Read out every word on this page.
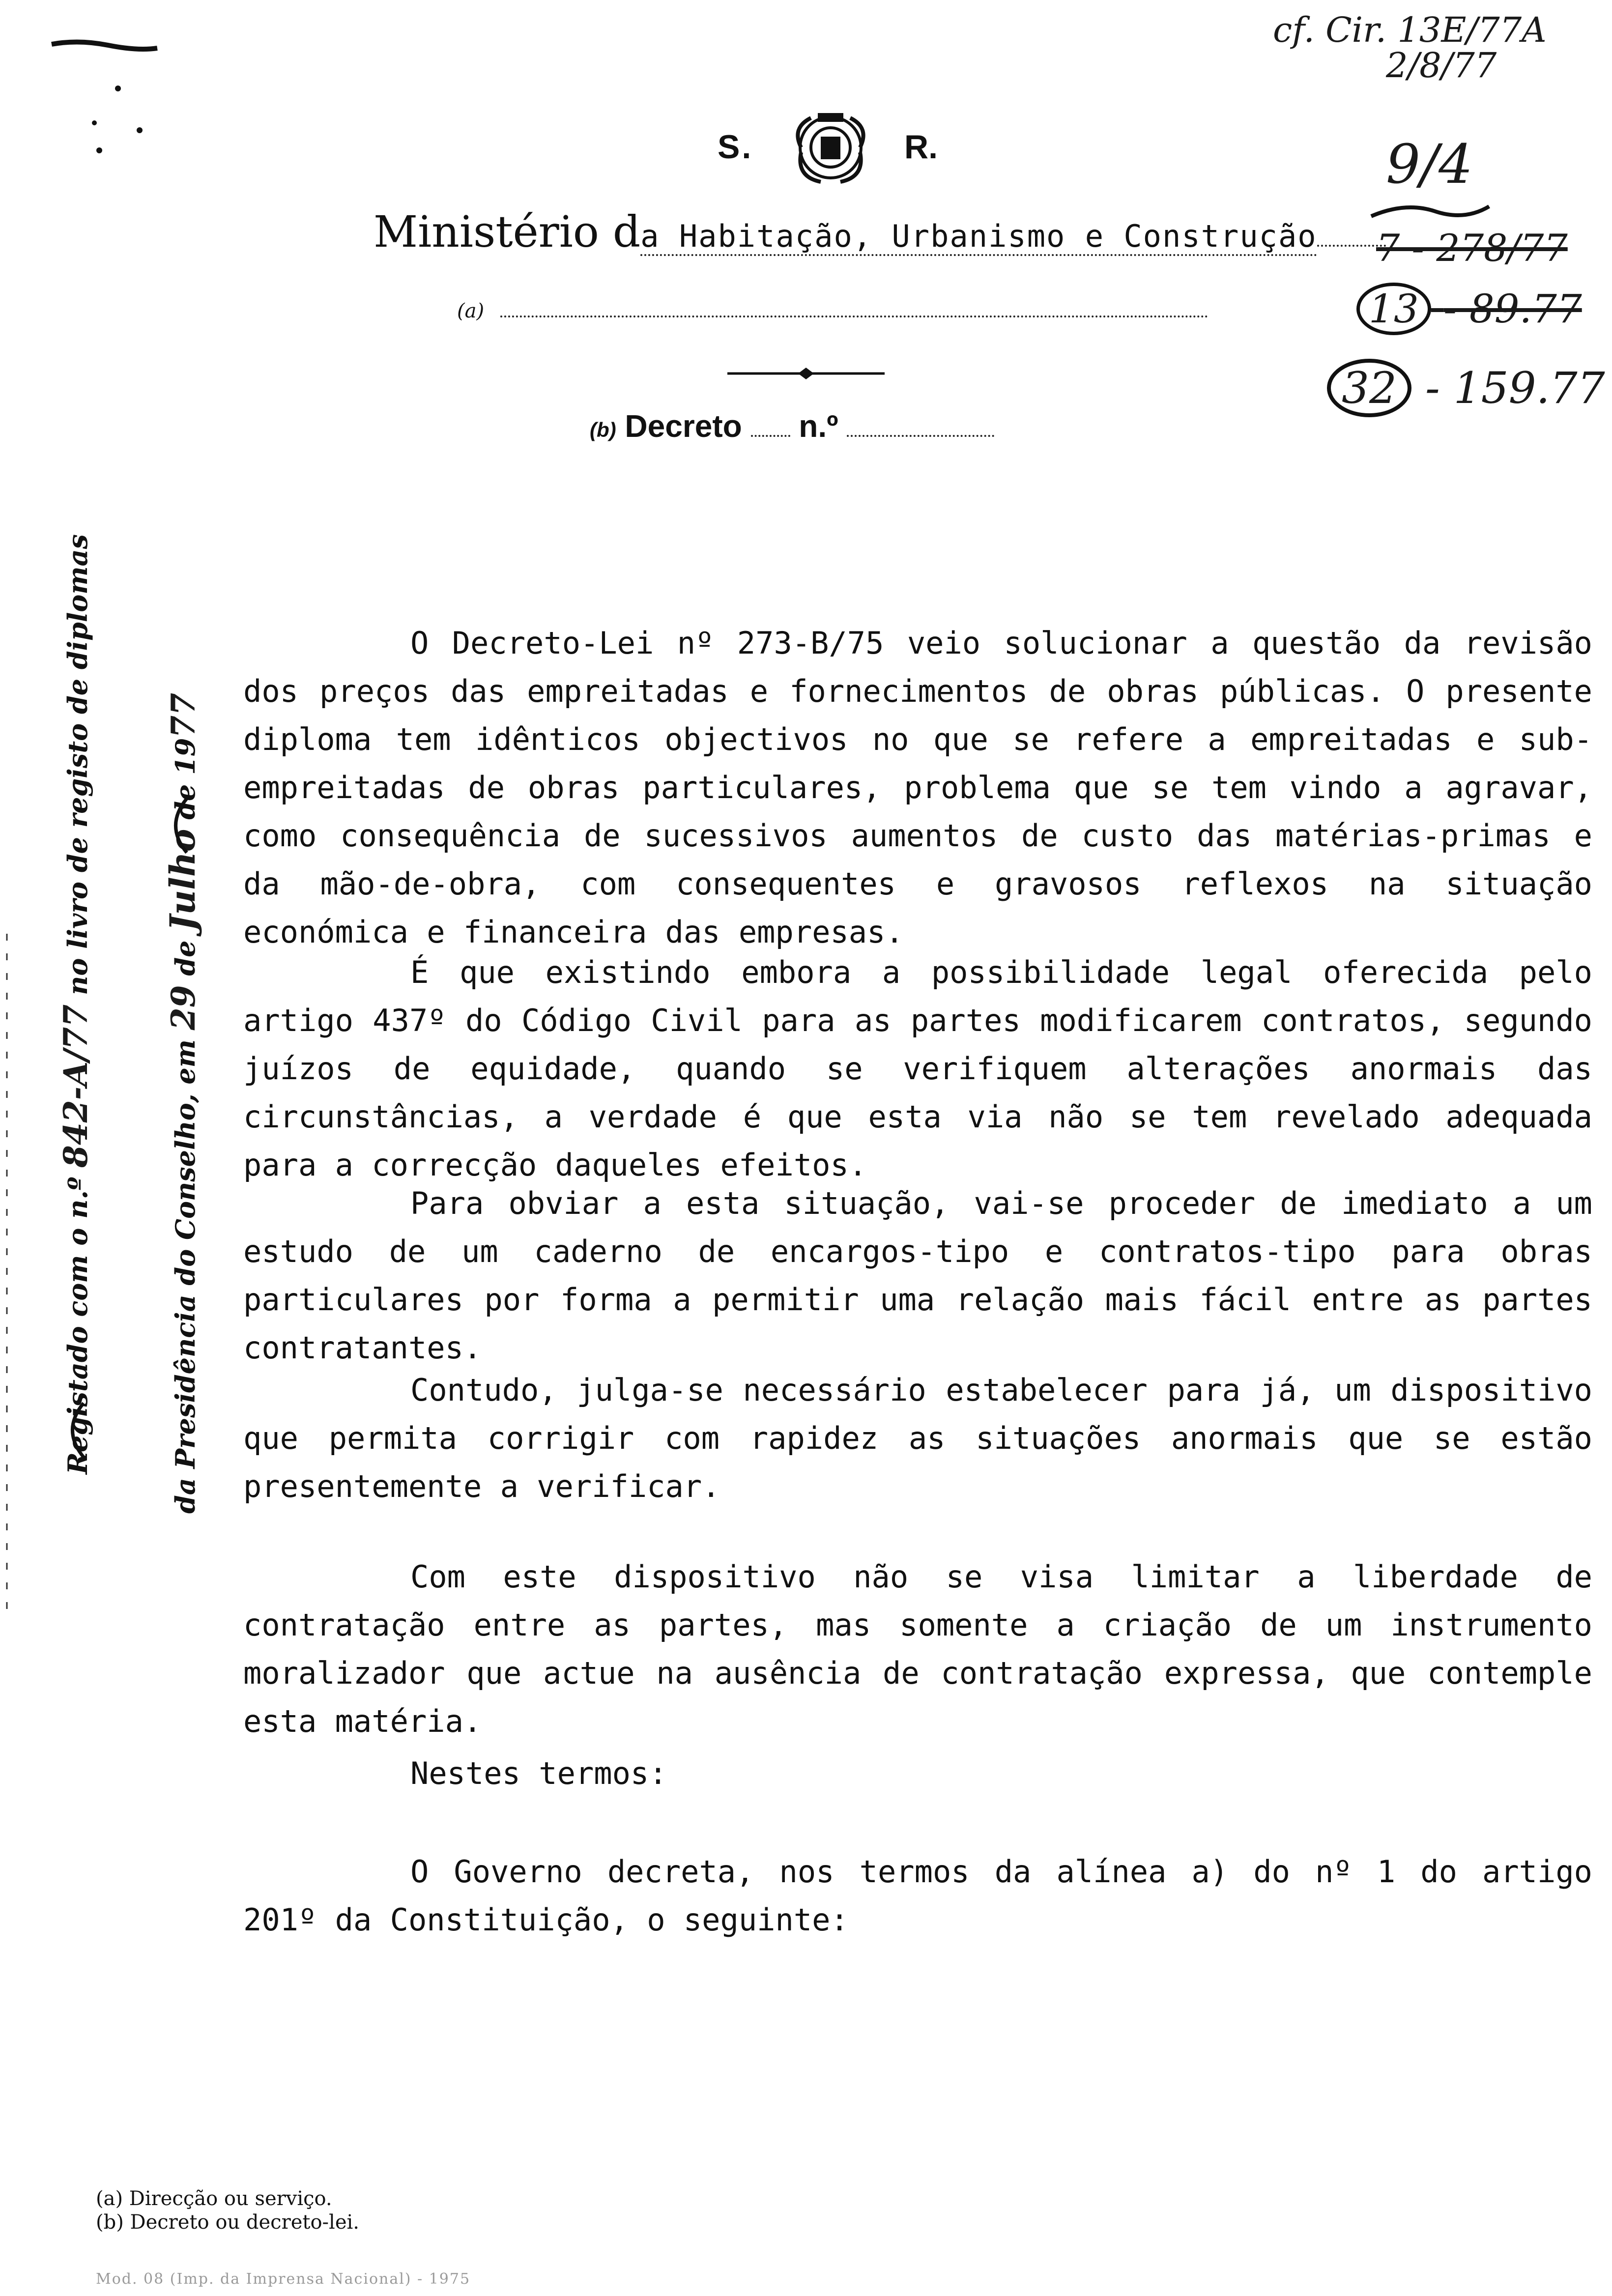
S.	R.
Ministério da Habitação, Urbanismo e Construção
(a)
(b) Decreto n.º
cf. Cir. 13E/77A
2/8/77
9/4
7 - 278/77
13 - 89.77
32 - 159.77
Registado com o n.º 842-A/77 no livro de registo de diplomas
da Presidência do Conselho, em 29 de Julho de 1977

O Decreto-Lei nº 273-B/75 veio solucionar a questão da revisão dos preços das empreitadas e fornecimentos de obras públicas. O presente diploma tem idênticos objectivos no que se refere a empreitadas e sub-empreitadas de obras particulares, problema que se tem vindo a agravar, como consequência de sucessivos aumentos de custo das matérias-primas e da mão-de-obra, com consequentes e gravosos reflexos na situação económica e financeira das empresas.

É que existindo embora a possibilidade legal oferecida pelo artigo 437º do Código Civil para as partes modificarem contratos, segundo juízos de equidade, quando se verifiquem alterações anormais das circunstâncias, a verdade é que esta via não se tem revelado adequada para a correcção daqueles efeitos.

Para obviar a esta situação, vai-se proceder de imediato a um estudo de um caderno de encargos-tipo e contratos-tipo para obras particulares por forma a permitir uma relação mais fácil entre as partes contratantes.

Contudo, julga-se necessário estabelecer para já, um dispositivo que permita corrigir com rapidez as situações anormais que se estão presentemente a verificar.

Com este dispositivo não se visa limitar a liberdade de contratação entre as partes, mas somente a criação de um instrumento moralizador que actue na ausência de contratação expressa, que contemple esta matéria.

Nestes termos:

O Governo decreta, nos termos da alínea a) do nº 1 do artigo 201º da Constituição, o seguinte:

(a) Direcção ou serviço.
(b) Decreto ou decreto-lei.
Mod. 08 (Imp. da Imprensa Nacional) - 1975
